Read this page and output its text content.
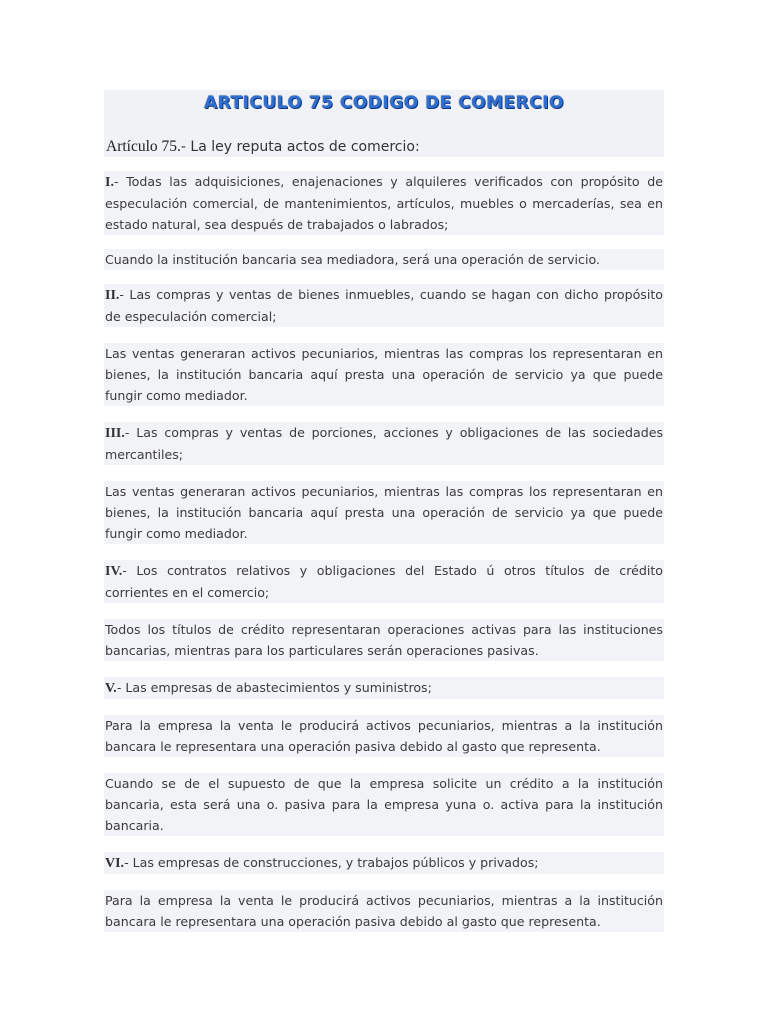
ARTICULO 75 CODIGO DE COMERCIO
Artículo 75.- La ley reputa actos de comercio:
I.- Todas las adquisiciones, enajenaciones y alquileres verificados con propósito de especulación comercial, de mantenimientos, artículos, muebles o mercaderías, sea en estado natural, sea después de trabajados o labrados;
Cuando la institución bancaria sea mediadora, será una operación de servicio.
II.- Las compras y ventas de bienes inmuebles, cuando se hagan con dicho propósito de especulación comercial;
Las ventas generaran activos pecuniarios, mientras las compras los representaran en bienes, la institución bancaria aquí presta una operación de servicio ya que puede fungir como mediador.
III.- Las compras y ventas de porciones, acciones y obligaciones de las sociedades mercantiles;
Las ventas generaran activos pecuniarios, mientras las compras los representaran en bienes, la institución bancaria aquí presta una operación de servicio ya que puede fungir como mediador.
IV.- Los contratos relativos y obligaciones del Estado ú otros títulos de crédito corrientes en el comercio;
Todos los títulos de crédito representaran operaciones activas para las instituciones bancarias, mientras para los particulares serán operaciones pasivas.
V.- Las empresas de abastecimientos y suministros;
Para la empresa la venta le producirá activos pecuniarios, mientras a la institución bancara le representara una operación pasiva debido al gasto que representa.
Cuando se de el supuesto de que la empresa solicite un crédito a la institución bancaria, esta será una o. pasiva para la empresa yuna o. activa para la institución bancaria.
VI.- Las empresas de construcciones, y trabajos públicos y privados;
Para la empresa la venta le producirá activos pecuniarios, mientras a la institución bancara le representara una operación pasiva debido al gasto que representa.
